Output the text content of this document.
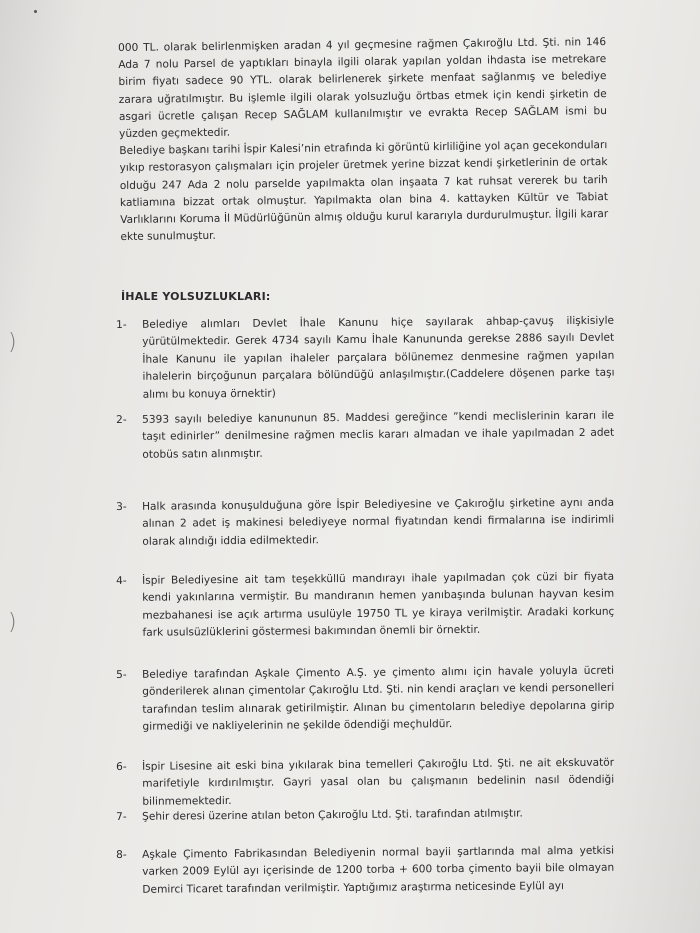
)
)

000 TL. olarak belirlenmişken aradan 4 yıl geçmesine rağmen Çakıroğlu Ltd. Şti. nin 146 Ada 7 nolu Parsel de yaptıkları binayla ilgili olarak yapılan yoldan ihdasta ise metrekare birim fiyatı sadece 90 YTL. olarak belirlenerek şirkete menfaat sağlanmış ve belediye zarara uğratılmıştır. Bu işlemle ilgili olarak yolsuzluğu örtbas etmek için kendi şirketin de asgari ücretle çalışan Recep SAĞLAM kullanılmıştır ve evrakta Recep SAĞLAM ismi bu yüzden geçmektedir.

Belediye başkanı tarihi İspir Kalesi’nin etrafında ki görüntü kirliliğine yol açan gecekonduları yıkıp restorasyon çalışmaları için projeler üretmek yerine bizzat kendi şirketlerinin de ortak olduğu 247 Ada 2 nolu parselde yapılmakta olan inşaata 7 kat ruhsat vererek bu tarih katliamına bizzat ortak olmuştur. Yapılmakta olan bina 4. kattayken Kültür ve Tabiat Varlıklarını Koruma İl Müdürlüğünün almış olduğu kurul kararıyla durdurulmuştur. İlgili karar ekte sunulmuştur.

İHALE YOLSUZLUKLARI:
1-	Belediye alımları Devlet İhale Kanunu hiçe sayılarak ahbap-çavuş ilişkisiyle yürütülmektedir. Gerek 4734 sayılı Kamu İhale Kanununda gerekse 2886 sayılı Devlet İhale Kanunu ile yapılan ihaleler parçalara bölünemez denmesine rağmen yapılan ihalelerin birçoğunun parçalara bölündüğü anlaşılmıştır.(Caddelere döşenen parke taşı alımı bu konuya örnektir)
2-	5393 sayılı belediye kanununun 85. Maddesi gereğince ”kendi meclislerinin kararı ile taşıt edinirler” denilmesine rağmen meclis kararı almadan ve ihale yapılmadan 2 adet otobüs satın alınmıştır.
3-	Halk arasında konuşulduğuna göre İspir Belediyesine ve Çakıroğlu şirketine aynı anda alınan 2 adet iş makinesi belediyeye normal fiyatından kendi firmalarına ise indirimli olarak alındığı iddia edilmektedir.
4-	İspir Belediyesine ait tam teşekküllü mandırayı ihale yapılmadan çok cüzi bir fiyata kendi yakınlarına vermiştir. Bu mandıranın hemen yanıbaşında bulunan hayvan kesim mezbahanesi ise açık artırma usulüyle 19750 TL ye kiraya verilmiştir. Aradaki korkunç fark usulsüzlüklerini göstermesi bakımından önemli bir örnektir.
5-	Belediye tarafından Aşkale Çimento A.Ş. ye çimento alımı için havale yoluyla ücreti gönderilerek alınan çimentolar Çakıroğlu Ltd. Şti. nin kendi araçları ve kendi personelleri tarafından teslim alınarak getirilmiştir. Alınan bu çimentoların belediye depolarına girip girmediği ve nakliyelerinin ne şekilde ödendiği meçhuldür.
6-	İspir Lisesine ait eski bina yıkılarak bina temelleri Çakıroğlu Ltd. Şti. ne ait ekskuvatör marifetiyle kırdırılmıştır. Gayri yasal olan bu çalışmanın bedelinin nasıl ödendiği bilinmemektedir.
7-	Şehir deresi üzerine atılan beton Çakıroğlu Ltd. Şti. tarafından atılmıştır.
8-	Aşkale Çimento Fabrikasından Belediyenin normal bayii şartlarında mal alma yetkisi varken 2009 Eylül ayı içerisinde de 1200 torba + 600 torba çimento bayii bile olmayan Demirci Ticaret tarafından verilmiştir. Yaptığımız araştırma neticesinde Eylül ayı
